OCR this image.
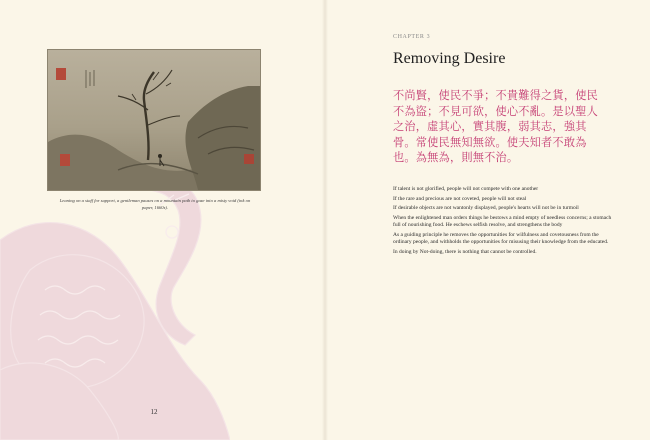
Leaning on a staff for support, a gentleman pauses on a mountain path to gaze into a misty void (ink on paper, 1660s).
12
CHAPTER 3
Removing Desire
不尚賢，使民不爭；不貴難得之貨，使民不為盜；不見可欲，使心不亂。是以聖人之治，虛其心，實其腹，弱其志，強其骨。常使民無知無欲。使夫知者不敢為也。為無為，則無不治。

If talent is not glorified, people will not compete with one another

If the rare and precious are not coveted, people will not steal

If desirable objects are not wantonly displayed, people's hearts will not be in turmoil

When the enlightened man orders things he bestows a mind empty of needless concerns; a stomach full of nourishing food. He eschews selfish resolve, and strengthens the body

As a guiding principle he removes the opportunities for wilfulness and covetousness from the ordinary people, and withholds the opportunities for misusing their knowledge from the educated.

In doing by Not-doing, there is nothing that cannot be controlled.
